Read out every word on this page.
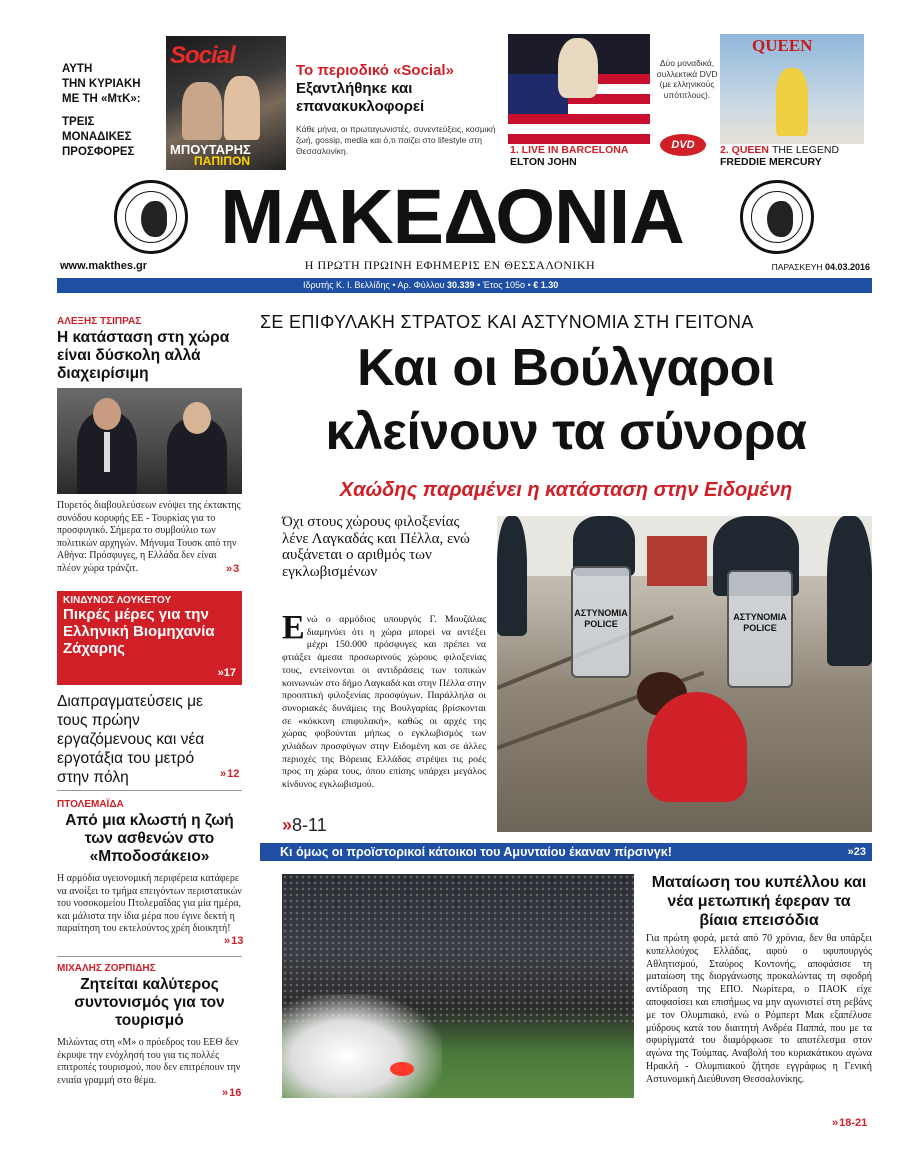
ΑΥΤΗ
ΤΗΝ ΚΥΡΙΑΚΗ
ΜΕ ΤΗ «ΜτΚ»:
ΤΡΕΙΣ
ΜΟΝΑΔΙΚΕΣ
ΠΡΟΣΦΟΡΕΣ
Social
ΜΠΟΥΤΑΡΗΣ
ΠΑΠΙΠΟΝ
Το περιοδικό «Social»
Εξαντλήθηκε και επανακυκλοφορεί
Κάθε μήνα, οι πρωταγωνιστές, συνεντεύξεις, κοσμική ζωή, gossip, media και ό,τι παίζει στο lifestyle στη Θεσσαλονίκη.	1. LIVE IN BARCELONA
ELTON JOHN
Δύο μοναδικά, συλλεκτικά DVD (με ελληνικούς υπότιτλους).
DVD
QUEEN
2. QUEEN THE LEGEND
FREDDIE MERCURY
ΜΑΚΕΔΟΝΙΑ
www.makthes.gr	Η ΠΡΩΤΗ ΠΡΩΙΝΗ ΕΦΗΜΕΡΙΣ ΕΝ ΘΕΣΣΑΛΟΝΙΚΗ	ΠΑΡΑΣΚΕΥΗ 04.03.2016
Ιδρυτής Κ. Ι. Βελλίδης • Αρ. Φύλλου 30.339 • Έτος 105ο • € 1.30
ΑΛΕΞΗΣ ΤΣΙΠΡΑΣ
Η κατάσταση στη χώρα είναι δύσκολη αλλά διαχειρίσιμη
Πυρετός διαβουλεύσεων ενόψει της έκτακτης συνόδου κορυφής ΕΕ - Τουρκίας για το προσφυγικό. Σήμερα το συμβούλιο των πολιτικών αρχηγών. Μήνυμα Τουσκ από την Αθήνα: Πρόσφυγες, η Ελλάδα δεν είναι πλέον χώρα τράνζιτ.	» 3
ΚΙΝΔΥΝΟΣ ΛΟΥΚΕΤΟΥ
Πικρές μέρες για την Ελληνική Βιομηχανία Ζάχαρης
» 17
Διαπραγματεύσεις με τους πρώην εργαζόμενους και νέα εργοτάξια του μετρό στην πόλη	» 12
ΠΤΟΛΕΜΑΪΔΑ
Από μια κλωστή η ζωή των ασθενών στο «Μποδοσάκειο»
Η αρμόδια υγειονομική περιφέρεια κατάφερε να ανοίξει το τμήμα επειγόντων περιστατικών του νοσοκομείου Πτολεμαΐδας για μία ημέρα, και μάλιστα την ίδια μέρα που έγινε δεκτή η παραίτηση του εκτελούντος χρέη διοικητή!
» 13
ΜΙΧΑΛΗΣ ΖΟΡΠΙΔΗΣ
Ζητείται καλύτερος συντονισμός για τον τουρισμό
Μιλώντας στη «Μ» ο πρόεδρος του ΕΕΘ δεν έκρυψε την ενόχλησή του για τις πολλές επιτροπές τουρισμού, που δεν επιτρέπουν την ενιαία γραμμή στο θέμα.
» 16
ΣΕ ΕΠΙΦΥΛΑΚΗ ΣΤΡΑΤΟΣ ΚΑΙ ΑΣΤΥΝΟΜΙΑ ΣΤΗ ΓΕΙΤΟΝΑ
Και οι Βούλγαροι
κλείνουν τα σύνορα
Χαώδης παραμένει η κατάσταση στην Ειδομένη
Όχι στους χώρους φιλοξενίας λένε Λαγκαδάς και Πέλλα, ενώ αυξάνεται ο αριθμός των εγκλωβισμένων
Ενώ ο αρμόδιος υπουργός Γ. Μουζάλας διαμηνύει ότι η χώρα μπορεί να αντέξει μέχρι 150.000 πρόσφυγες και πρέπει να φτιάξει άμεσα προσωρινούς χώρους φιλοξενίας τους, εντείνονται οι αντιδράσεις των τοπικών κοινωνιών στο δήμο Λαγκαδά και στην Πέλλα στην προοπτική φιλοξενίας προσφύγων. Παράλληλα οι συνοριακές δυνάμεις της Βουλγαρίας βρίσκονται σε «κόκκινη επιφυλακή», καθώς οι αρχές της χώρας φοβούνται μήπως ο εγκλωβισμός των χιλιάδων προσφύγων στην Ειδομένη και σε άλλες περιοχές της Βόρειας Ελλάδας στρέψει τις ροές προς τη χώρα τους, όπου επίσης υπάρχει μεγάλος κίνδυνος εγκλωβισμού.
»8-11
ΑΣΤΥΝΟΜΙΑ
POLICE
ΑΣΤΥΝΟΜΙΑ
POLICE
Κι όμως οι προϊστορικοί κάτοικοι του Αμυνταίου έκαναν πίρσινγκ!	» 23
Ματαίωση του κυπέλλου και νέα μετωπική έφεραν τα βίαια επεισόδια
Για πρώτη φορά, μετά από 70 χρόνια, δεν θα υπάρξει κυπελλούχος Ελλάδας, αφού ο υφυπουργός Αθλητισμού, Σταύρος Κοντονής, αποφάσισε τη ματαίωση της διοργάνωσης προκαλώντας τη σφοδρή αντίδραση της ΕΠΟ. Νωρίτερα, ο ΠΑΟΚ είχε αποφασίσει και επισήμως να μην αγωνιστεί στη ρεβάνς με τον Ολυμπιακό, ενώ ο Ρόμπερτ Μακ εξαπέλυσε μύδρους κατά του διαιτητή Ανδρέα Παππά, που με τα σφυρίγματά του διαμόρφωσε το αποτέλεσμα στον αγώνα της Τούμπας. Αναβολή του κυριακάτικου αγώνα Ηρακλή - Ολυμπιακού ζήτησε εγγράφως η Γενική Αστυνομική Διεύθυνση Θεσσαλονίκης.
» 18-21
